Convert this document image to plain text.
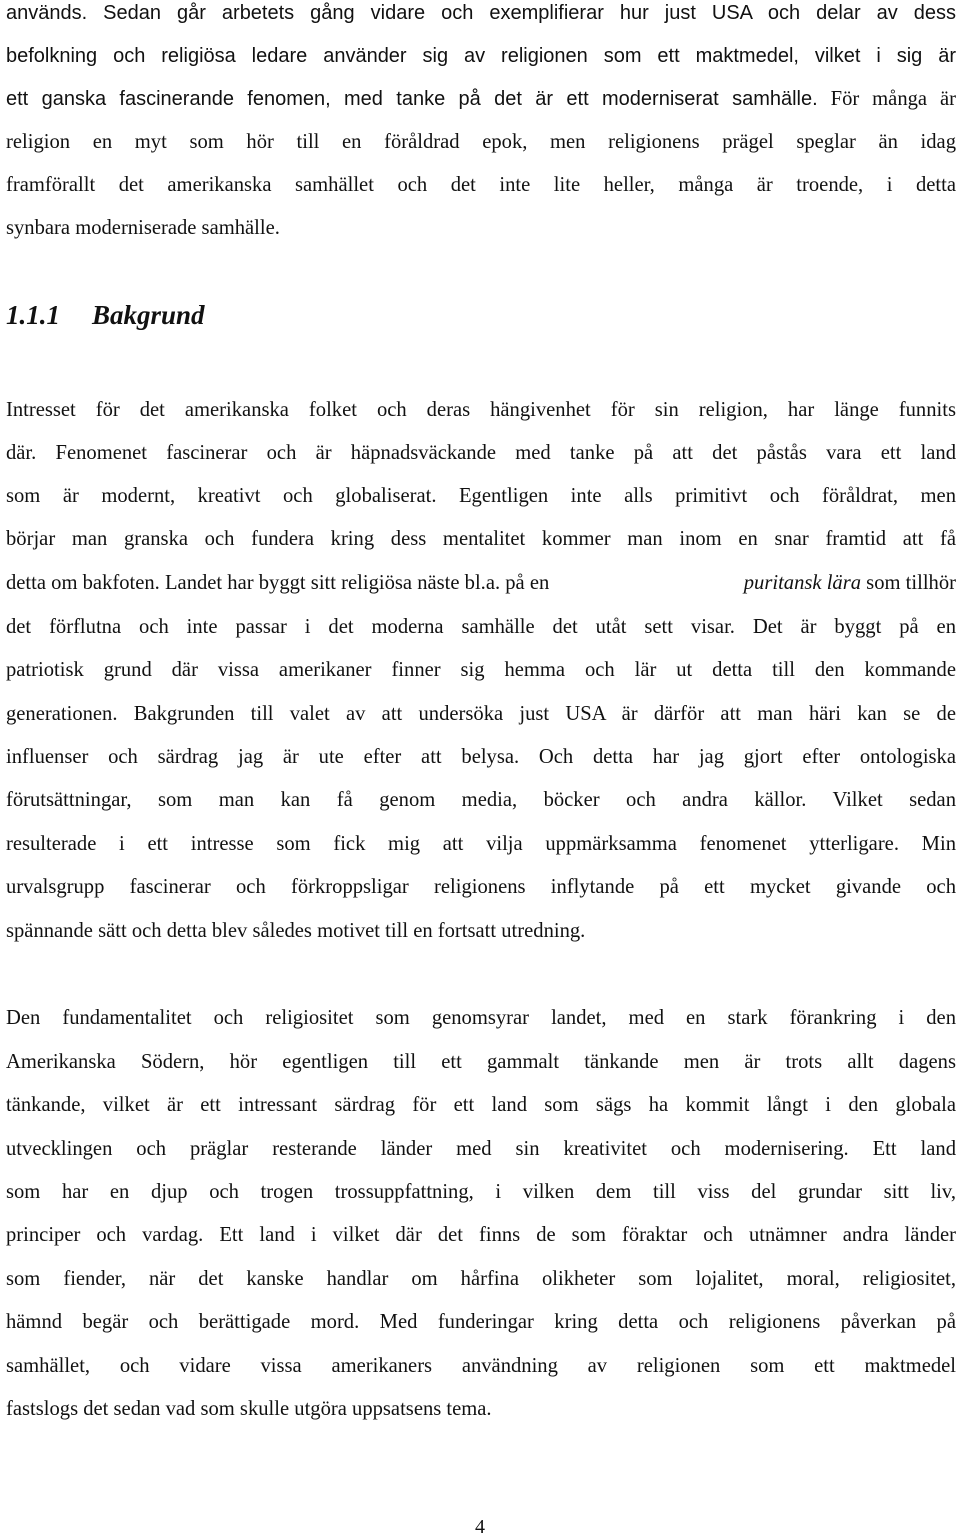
används. Sedan går arbetets gång vidare och exemplifierar hur just USA och delar av dess
befolkning och religiösa ledare använder sig av religionen som ett maktmedel, vilket i sig är
ett ganska fascinerande fenomen, med tanke på det är ett moderniserat samhälle. För många är
religion en myt som hör till en föråldrad epok, men religionens prägel speglar än idag
framförallt det amerikanska samhället och det inte lite heller, många är troende, i detta
synbara moderniserade samhälle.
1.1.1 Bakgrund
Intresset för det amerikanska folket och deras hängivenhet för sin religion, har länge funnits
där. Fenomenet fascinerar och är häpnadsväckande med tanke på att det påstås vara ett land
som är modernt, kreativt och globaliserat. Egentligen inte alls primitivt och föråldrat, men
börjar man granska och fundera kring dess mentalitet kommer man inom en snar framtid att få
detta om bakfoten. Landet har byggt sitt religiösa näste bl.a. på en	puritansk lära som tillhör
det förflutna och inte passar i det moderna samhälle det utåt sett visar. Det är byggt på en
patriotisk grund där vissa amerikaner finner sig hemma och lär ut detta till den kommande
generationen. Bakgrunden till valet av att undersöka just USA är därför att man häri kan se de
influenser och särdrag jag är ute efter att belysa. Och detta har jag gjort efter ontologiska
förutsättningar, som man kan få genom media, böcker och andra källor. Vilket sedan
resulterade i ett intresse som fick mig att vilja uppmärksamma fenomenet ytterligare. Min
urvalsgrupp fascinerar och förkroppsligar religionens inflytande på ett mycket givande och
spännande sätt och detta blev således motivet till en fortsatt utredning.
Den fundamentalitet och religiositet som genomsyrar landet, med en stark förankring i den
Amerikanska Södern, hör egentligen till ett gammalt tänkande men är trots allt dagens
tänkande, vilket är ett intressant särdrag för ett land som sägs ha kommit långt i den globala
utvecklingen och präglar resterande länder med sin kreativitet och modernisering. Ett land
som har en djup och trogen trossuppfattning, i vilken dem till viss del grundar sitt liv,
principer och vardag. Ett land i vilket där det finns de som föraktar och utnämner andra länder
som fiender, när det kanske handlar om hårfina olikheter som lojalitet, moral, religiositet,
hämnd begär och berättigade mord. Med funderingar kring detta och religionens påverkan på
samhället, och vidare vissa amerikaners användning av religionen som ett maktmedel
fastslogs det sedan vad som skulle utgöra uppsatsens tema.
4
